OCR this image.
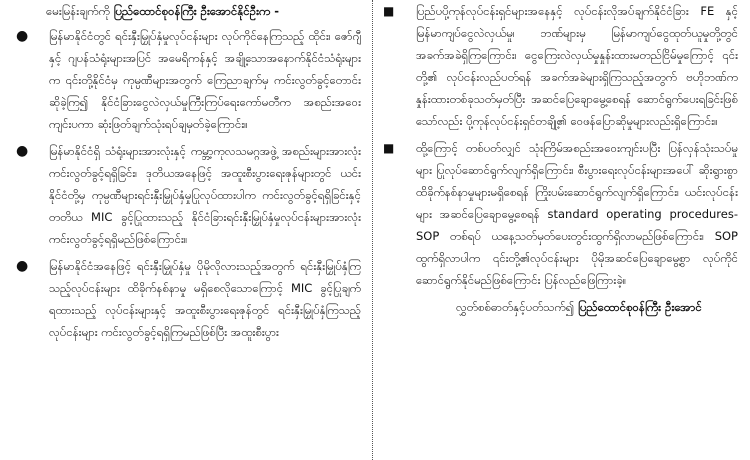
မေးမြန်းချက်ကို ပြည်ထောင်စုဝန်ကြီး ဦးအောင်နိုင်ဦးက -

● မြန်မာနိုင်ငံတွင် ရင်းနှီးမြှုပ်နှံမှုလုပ်ငန်းများ လုပ်ကိုင်နေကြသည့် ထိုင်း၊ ဇော်ဂျီနှင့် ဂျပန်သံရုံးများအပြင် အမေရိကန်နှင့် အချို့သောအနောက်နိုင်ငံသံရုံးများက ၎င်းတို့နိုင်ငံမှ ကုမ္ပဏီများအတွက် ကြေညာချက်မှ ကင်းလွတ်ခွင့်တောင်းဆိုခဲ့ကြ၍ နိုင်ငံခြားငွေလဲလှယ်မှုကြီးကြပ်ရေးကော်မတီက အစည်းအဝေးကျင်းပကာ ဆုံးဖြတ်ချက်သုံးရပ်ချမှတ်ခဲ့ကြောင်း။

● မြန်မာနိုင်ငံရှိ သံရုံးများအားလုံးနှင့် ကမ္ဘာ့ကုလသမဂ္ဂအဖွဲ့ အစည်းများအားလုံး ကင်းလွတ်ခွင့်ရရှိခြင်း၊ ဒုတိယအနေဖြင့် အထူးစီးပွားရေးဇုန်များတွင် ယင်းနိုင်ငံတို့မှ ကုမ္ပဏီများရင်းနှီးမြှုပ်နှံမှုပြုလုပ်ထားပါက ကင်းလွတ်ခွင့်ရရှိခြင်းနှင့် တတိယ MIC ခွင့်ပြုထားသည့် နိုင်ငံခြားရင်းနှီးမြှုပ်နှံမှုလုပ်ငန်းများအားလုံး ကင်းလွတ်ခွင့်ရရှိမည်ဖြစ်ကြောင်း။

● မြန်မာနိုင်ငံအနေဖြင့် ရင်းနှီးမြှုပ်နှံမှု ပိုမိုလိုလားသည့်အတွက် ရင်းနှီးမြှုပ်နှံကြသည့်လုပ်ငန်းများ ထိခိုက်နစ်နာမှု မရှိစေလိုသောကြောင့် MIC ခွင့်ပြုချက်ရထားသည့် လုပ်ငန်းများနှင့် အထူးစီးပွားရေးဇုန်တွင် ရင်းနှီးမြှုပ်နှံကြသည့်လုပ်ငန်းများ ကင်းလွတ်ခွင့်ရရှိကြမည်ဖြစ်ပြီး အထူးစီးပွား

■ ပြည်ပပို့ကုန်လုပ်ငန်းရှင်များအနေနှင့် လုပ်ငန်းလိုအပ်ချက်နိုင်ငံခြား FE နှင့် မြန်မာကျပ်ငွေလဲလှယ်မှု၊ ဘဏ်များမှ မြန်မာကျပ်ငွေထုတ်ယူမှုတို့တွင် အခက်အခဲရှိကြကြောင်း၊ ငွေကြေးလဲလှယ်မှုနှုန်းထားမတည်ငြိမ်မှုကြောင့် ၎င်းတို့၏ လုပ်ငန်းလည်ပတ်ရန် အခက်အခဲများရှိကြသည့်အတွက် ဗဟိုဘဏ်က နှုန်းထားတစ်ခုသတ်မှတ်ပြီး အဆင်ပြေချောမွေ့စေရန် ဆောင်ရွက်ပေးရခြင်းဖြစ်သော်လည်း ပို့ကုန်လုပ်ငန်းရှင်တချို့၏ ဝေဖန်ပြောဆိုမှုများလည်းရှိကြောင်း။

■ ထို့ကြောင့် တစ်ပတ်လျှင် သုံးကြိမ်အစည်းအဝေးကျင်းပပြီး ပြန်လှန်သုံးသပ်မှုများ ပြုလုပ်ဆောင်ရွက်လျက်ရှိကြောင်း၊ စီးပွားရေးလုပ်ငန်းများအပေါ် ဆိုးရွားစွာ ထိခိုက်နစ်နာမှုများမရှိစေရန် ကြိုးပမ်းဆောင်ရွက်လျက်ရှိကြောင်း၊ ယင်းလုပ်ငန်းများ အဆင်ပြေချောမွေ့စေရန် standard operating procedures-SOP တစ်ရပ် ယနေ့သတ်မှတ်ပေးတွင်းထွက်ရှိလာမည်ဖြစ်ကြောင်း၊ SOP ထွက်ရှိလာပါက ၎င်းတို့၏လုပ်ငန်းများ ပိုမိုအဆင်ပြေချောမွေ့စွာ လုပ်ကိုင်ဆောင်ရွက်နိုင်မည်ဖြစ်ကြောင်း ပြန်လည်ဖြေကြားခဲ့။

လွှတ်စစ်ဓာတ်နှင့်ပတ်သက်၍ ပြည်ထောင်စုဝန်ကြီး ဦးအောင်
